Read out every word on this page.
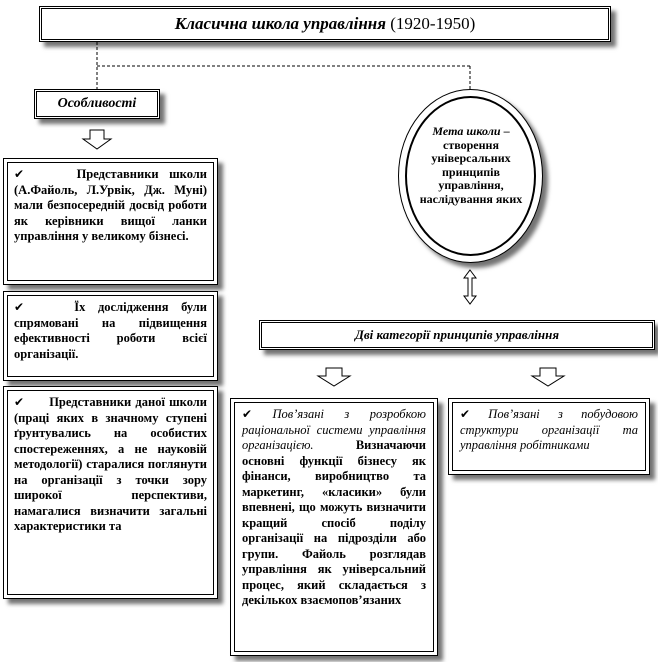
Класична школа управління
(1920-1950)
Особливості
✔	Представники школи (А.Файоль, Л.Урвік, Дж. Муні) мали безпосередній досвід роботи як керівники вищої ланки управління у великому бізнесі.
✔	Їх дослідження були спрямовані на підвищення ефективності роботи всієї організації.
✔ Представники даної школи (праці яких в значному ступені ґрунтувались на особистих спостереженнях, а не науковій методології) старалися поглянути на організації з точки зору широкої перспективи, намагалися визначити загальні характеристики та
Мета школи – створення універсальних принципів управління, наслідування яких
Дві категорії принципів управління
✔ Пов’язані з розробкою раціональної системи управління організацією.	Визначаючи основні функції бізнесу як фінанси, виробництво та маркетинг, «класики» були впевнені, що можуть визначити кращий спосіб поділу організації на підрозділи або групи. Файоль розглядав управління як універсальний процес, який складається з декількох взаємопов’язаних
✔ Пов’язані з побудовою структури організації та управління робітниками
